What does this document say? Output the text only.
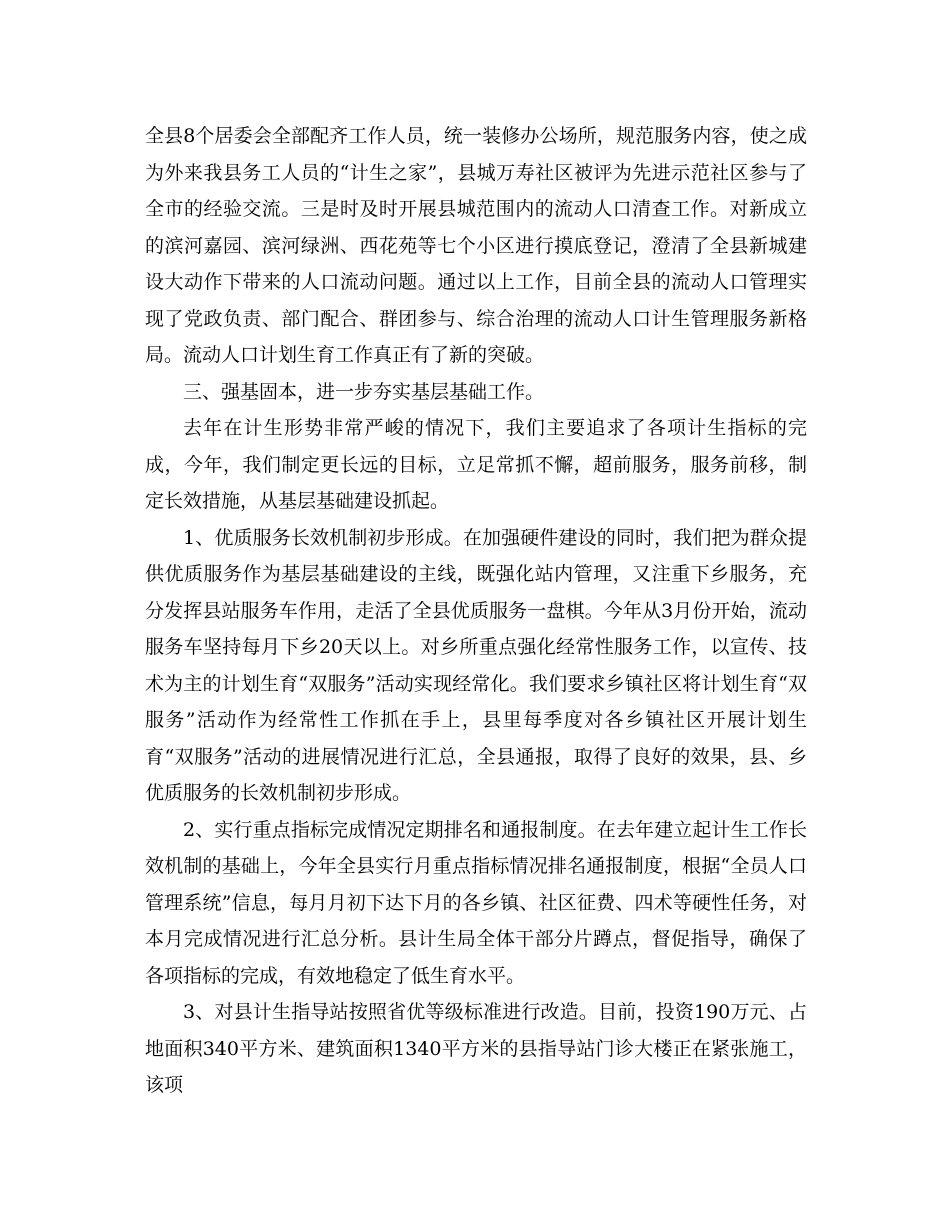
全县8个居委会全部配齐工作人员，统一装修办公场所，规范服务内容，使之成为外来我县务工人员的“计生之家”，县城万寿社区被评为先进示范社区参与了全市的经验交流。三是时及时开展县城范围内的流动人口清查工作。对新成立的滨河嘉园、滨河绿洲、西花苑等七个小区进行摸底登记，澄清了全县新城建设大动作下带来的人口流动问题。通过以上工作，目前全县的流动人口管理实现了党政负责、部门配合、群团参与、综合治理的流动人口计生管理服务新格局。流动人口计划生育工作真正有了新的突破。

三、强基固本，进一步夯实基层基础工作。

去年在计生形势非常严峻的情况下，我们主要追求了各项计生指标的完成，今年，我们制定更长远的目标，立足常抓不懈，超前服务，服务前移，制定长效措施，从基层基础建设抓起。

1、优质服务长效机制初步形成。在加强硬件建设的同时，我们把为群众提供优质服务作为基层基础建设的主线，既强化站内管理，又注重下乡服务，充分发挥县站服务车作用，走活了全县优质服务一盘棋。今年从3月份开始，流动服务车坚持每月下乡20天以上。对乡所重点强化经常性服务工作，以宣传、技术为主的计划生育“双服务”活动实现经常化。我们要求乡镇社区将计划生育“双服务”活动作为经常性工作抓在手上，县里每季度对各乡镇社区开展计划生育“双服务”活动的进展情况进行汇总，全县通报，取得了良好的效果，县、乡优质服务的长效机制初步形成。

2、实行重点指标完成情况定期排名和通报制度。在去年建立起计生工作长效机制的基础上，今年全县实行月重点指标情况排名通报制度，根据“全员人口管理系统”信息，每月月初下达下月的各乡镇、社区征费、四术等硬性任务，对本月完成情况进行汇总分析。县计生局全体干部分片蹲点，督促指导，确保了各项指标的完成，有效地稳定了低生育水平。

3、对县计生指导站按照省优等级标准进行改造。目前，投资190万元、占地面积340平方米、建筑面积1340平方米的县指导站门诊大楼正在紧张施工，该项
